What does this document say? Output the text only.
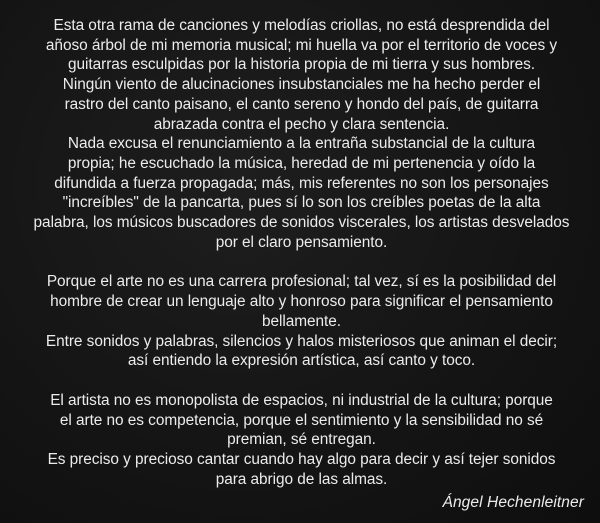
Esta otra rama de canciones y melodías criollas, no está desprendida del
añoso árbol de mi memoria musical; mi huella va por el territorio de voces y
guitarras esculpidas por la historia propia de mi tierra y sus hombres.
Ningún viento de alucinaciones insubstanciales me ha hecho perder el
rastro del canto paisano, el canto sereno y hondo del país, de guitarra
abrazada contra el pecho y clara sentencia.
Nada excusa el renunciamiento a la entraña substancial de la cultura
propia; he escuchado la música, heredad de mi pertenencia y oído la
difundida a fuerza propagada; más, mis referentes no son los personajes
"increíbles" de la pancarta, pues sí lo son los creíbles poetas de la alta
palabra, los músicos buscadores de sonidos viscerales, los artistas desvelados
por el claro pensamiento.
Porque el arte no es una carrera profesional; tal vez, sí es la posibilidad del
hombre de crear un lenguaje alto y honroso para significar el pensamiento
bellamente.
Entre sonidos y palabras, silencios y halos misteriosos que animan el decir;
así entiendo la expresión artística, así canto y toco.
El artista no es monopolista de espacios, ni industrial de la cultura; porque
el arte no es competencia, porque el sentimiento y la sensibilidad no sé
premian, sé entregan.
Es preciso y precioso cantar cuando hay algo para decir y así tejer sonidos
para abrigo de las almas.
Ángel Hechenleitner
